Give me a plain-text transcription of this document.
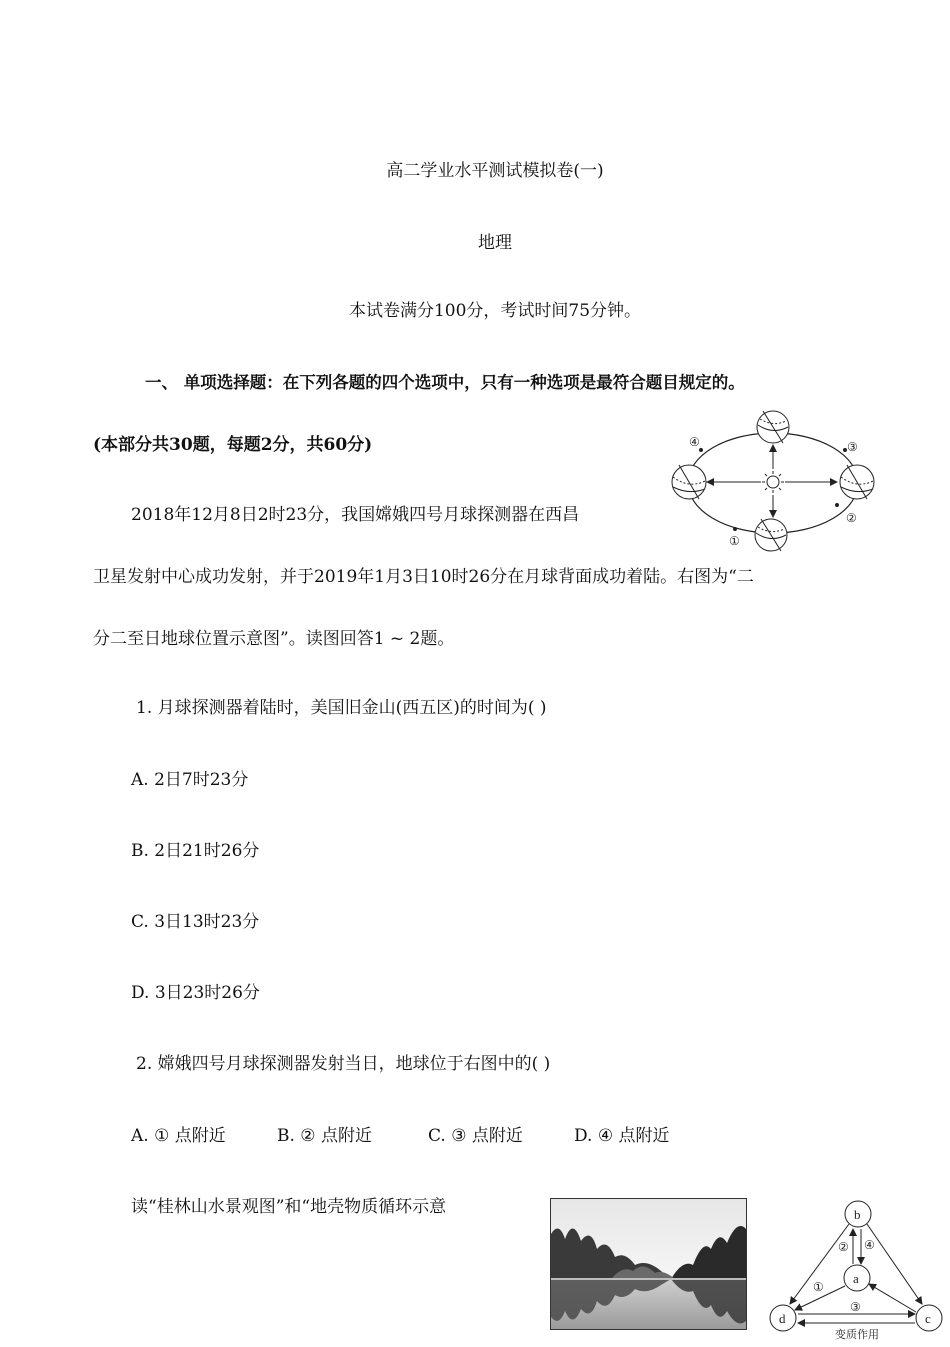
高二学业水平测试模拟卷(一)
地理
本试卷满分100分，考试时间75分钟。
一、 单项选择题：在下列各题的四个选项中，只有一种选项是最符合题目规定的。
(本部分共30题，每题2分，共60分)
2018年12月8日2时23分，我国嫦娥四号月球探测器在西昌
卫星发射中心成功发射，并于2019年1月3日10时26分在月球背面成功着陆。右图为“二
分二至日地球位置示意图”。读图回答1 ~ 2题。
1. 月球探测器着陆时，美国旧金山(西五区)的时间为( )
A. 2日7时23分
B. 2日21时26分
C. 3日13时23分
D. 3日23时26分
2. 嫦娥四号月球探测器发射当日，地球位于右图中的( )
A. ① 点附近	B. ② 点附近	C. ③ 点附近	D. ④ 点附近
读“桂林山水景观图”和“地壳物质循环示意
①
②
③
④
b
a
d	c
①
②
③
④
变质作用
